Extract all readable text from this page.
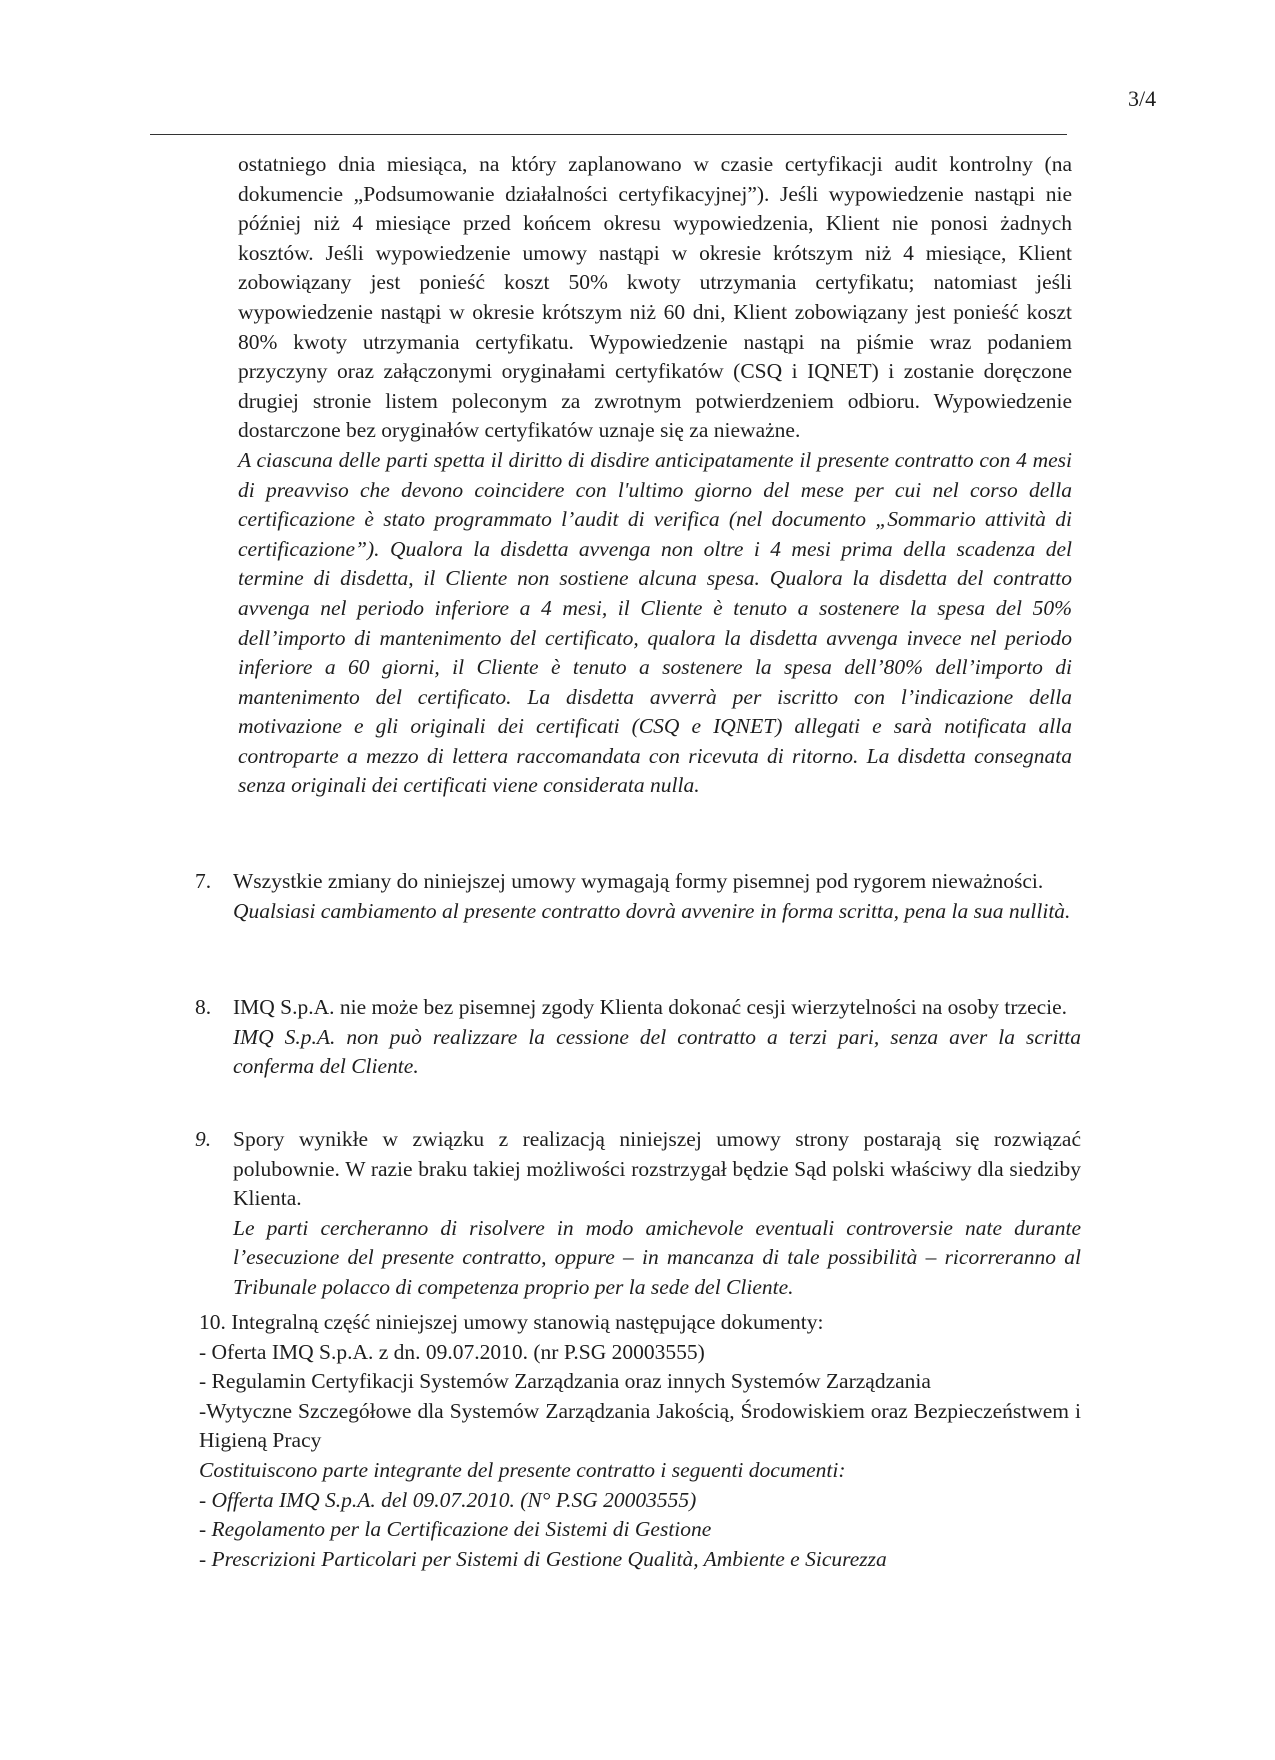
3/4

ostatniego dnia miesiąca, na który zaplanowano w czasie certyfikacji audit kontrolny (na dokumencie „Podsumowanie działalności certyfikacyjnej”). Jeśli wypowiedzenie nastąpi nie później niż 4 miesiące przed końcem okresu wypowiedzenia, Klient nie ponosi żadnych kosztów. Jeśli wypowiedzenie umowy nastąpi w okresie krótszym niż 4 miesiące, Klient zobowiązany jest ponieść koszt 50% kwoty utrzymania certyfikatu; natomiast jeśli wypowiedzenie nastąpi w okresie krótszym niż 60 dni, Klient zobowiązany jest ponieść koszt 80% kwoty utrzymania certyfikatu. Wypowiedzenie nastąpi na piśmie wraz podaniem przyczyny oraz załączonymi oryginałami certyfikatów (CSQ i IQNET) i zostanie doręczone drugiej stronie listem poleconym za zwrotnym potwierdzeniem odbioru. Wypowiedzenie dostarczone bez oryginałów certyfikatów uznaje się za nieważne.

A ciascuna delle parti spetta il diritto di disdire anticipatamente il presente contratto con 4 mesi di preavviso che devono coincidere con l'ultimo giorno del mese per cui nel corso della certificazione è stato programmato l’audit di verifica (nel documento „Sommario attività di certificazione”). Qualora la disdetta avvenga non oltre i 4 mesi prima della scadenza del termine di disdetta, il Cliente non sostiene alcuna spesa. Qualora la disdetta del contratto avvenga nel periodo inferiore a 4 mesi, il Cliente è tenuto a sostenere la spesa del 50% dell’importo di mantenimento del certificato, qualora la disdetta avvenga invece nel periodo inferiore a 60 giorni, il Cliente è tenuto a sostenere la spesa dell’80% dell’importo di mantenimento del certificato. La disdetta avverrà per iscritto con l’indicazione della motivazione e gli originali dei certificati (CSQ e IQNET) allegati e sarà notificata alla controparte a mezzo di lettera raccomandata con ricevuta di ritorno. La disdetta consegnata senza originali dei certificati viene considerata nulla.

7. Wszystkie zmiany do niniejszej umowy wymagają formy pisemnej pod rygorem nieważności.

Qualsiasi cambiamento al presente contratto dovrà avvenire in forma scritta, pena la sua nullità.

8. IMQ S.p.A. nie może bez pisemnej zgody Klienta dokonać cesji wierzytelności na osoby trzecie.

IMQ S.p.A. non può realizzare la cessione del contratto a terzi pari, senza aver la scritta conferma del Cliente.

9. Spory wynikłe w związku z realizacją niniejszej umowy strony postarają się rozwiązać polubownie. W razie braku takiej możliwości rozstrzygał będzie Sąd polski właściwy dla siedziby Klienta.

Le parti cercheranno di risolvere in modo amichevole eventuali controversie nate durante l’esecuzione del presente contratto, oppure – in mancanza di tale possibilità – ricorreranno al Tribunale polacco di competenza proprio per la sede del Cliente.

10. Integralną część niniejszej umowy stanowią następujące dokumenty:

- Oferta IMQ S.p.A. z dn. 09.07.2010. (nr P.SG 20003555)

- Regulamin Certyfikacji Systemów Zarządzania oraz innych Systemów Zarządzania

-Wytyczne Szczegółowe dla Systemów Zarządzania Jakością, Środowiskiem oraz Bezpieczeństwem i Higieną Pracy

Costituiscono parte integrante del presente contratto i seguenti documenti:

- Offerta IMQ S.p.A. del 09.07.2010. (N° P.SG 20003555)

- Regolamento per la Certificazione dei Sistemi di Gestione

- Prescrizioni Particolari per Sistemi di Gestione Qualità, Ambiente e Sicurezza
